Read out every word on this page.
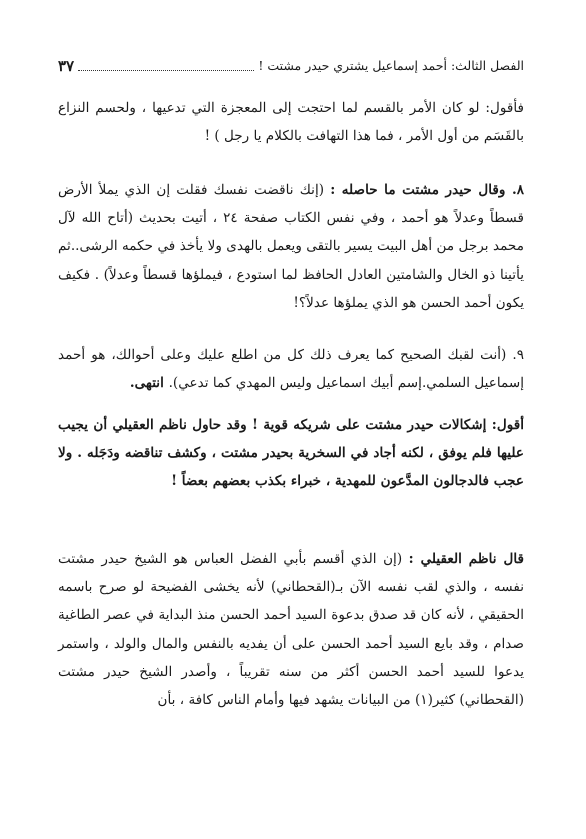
الفصل الثالث: أحمد إسماعيل يشتري حيدر مشتت !
٣٧

فأقول: لو كان الأمر بالقسم لما احتجت إلى المعجزة التي تدعيها ، ولحسم النزاع بالقَسَم من أول الأمر ، فما هذا التهافت بالكلام يا رجل ) !

٨. وقال حيدر مشتت ما حاصله : (إنك ناقضت نفسك فقلت إن الذي يملأ الأرض قسطاً وعدلاً هو أحمد ، وفي نفس الكتاب صفحة ٢٤ ، أتيت بحديث (أتاح الله لآل محمد برجل من أهل البيت يسير بالتقى ويعمل بالهدى ولا يأخذ في حكمه الرشى..ثم يأتينا ذو الخال والشامتين العادل الحافظ لما استودع ، فيملؤها قسطاً وعدلاً) . فكيف يكون أحمد الحسن هو الذي يملؤها عدلاً؟!

٩. (أنت لقبك الصحيح كما يعرف ذلك كل من اطلع عليك وعلى أحوالك، هو أحمد إسماعيل السلمي.إسم أبيك اسماعيل وليس المهدي كما تدعي). انتهى.

أقول: إشكالات حيدر مشتت على شريكه قوية ! وقد حاول ناظم العقيلي أن يجيب عليها فلم يوفق ، لكنه أجاد في السخرية بحيدر مشتت ، وكشف تناقضه ودَجَله . ولا عجب فالدجالون المدَّعون للمهدية ، خبراء بكذب بعضهم بعضاً !

قال ناظم العقيلي : (إن الذي أقسم بأبي الفضل العباس هو الشيخ حيدر مشتت نفسه ، والذي لقب نفسه الآن بـ(القحطاني) لأنه يخشى الفضيحة لو صرح باسمه الحقيقي ، لأنه كان قد صدق بدعوة السيد أحمد الحسن منذ البداية في عصر الطاغية صدام ، وقد بايع السيد أحمد الحسن على أن يفديه بالنفس والمال والولد ، واستمر يدعوا للسيد أحمد الحسن أكثر من سنه تقريباً ، وأصدر الشيخ حيدر مشتت (القحطاني) كثير(١) من البيانات يشهد فيها وأمام الناس كافة ، بأن
